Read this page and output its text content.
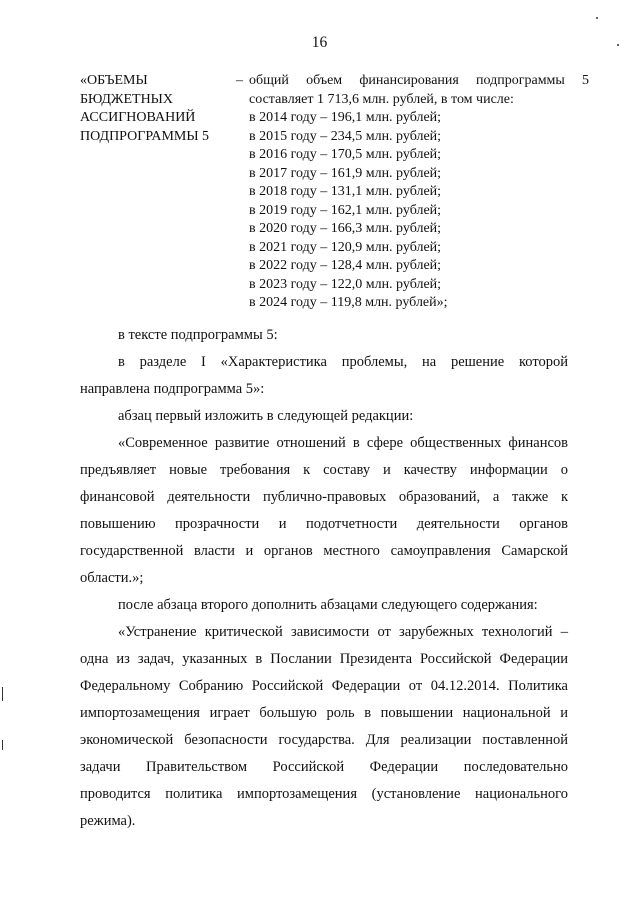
16
«ОБЪЕМЫ
БЮДЖЕТНЫХ
АССИГНОВАНИЙ
ПОДПРОГРАММЫ 5
– общий объем финансирования подпрограммы 5
составляет 1 713,6 млн. рублей, в том числе:
в 2014 году – 196,1 млн. рублей;
в 2015 году – 234,5 млн. рублей;
в 2016 году – 170,5 млн. рублей;
в 2017 году – 161,9 млн. рублей;
в 2018 году – 131,1 млн. рублей;
в 2019 году – 162,1 млн. рублей;
в 2020 году – 166,3 млн. рублей;
в 2021 году – 120,9 млн. рублей;
в 2022 году – 128,4 млн. рублей;
в 2023 году – 122,0 млн. рублей;
в 2024 году – 119,8 млн. рублей»;
в тексте подпрограммы 5:
в разделе I «Характеристика проблемы, на решение которой
направлена подпрограмма 5»:
абзац первый изложить в следующей редакции:
«Современное развитие отношений в сфере общественных финансов
предъявляет новые требования к составу и качеству информации о
финансовой деятельности публично-правовых образований, а также к
повышению прозрачности и подотчетности деятельности органов
государственной власти и органов местного самоуправления Самарской
области.»;
после абзаца второго дополнить абзацами следующего содержания:
«Устранение критической зависимости от зарубежных технологий –
одна из задач, указанных в Послании Президента Российской Федерации
Федеральному Собранию Российской Федерации от 04.12.2014. Политика
импортозамещения играет большую роль в повышении национальной и
экономической безопасности государства. Для реализации поставленной
задачи Правительством Российской Федерации последовательно
проводится политика импортозамещения (установление национального
режима).
